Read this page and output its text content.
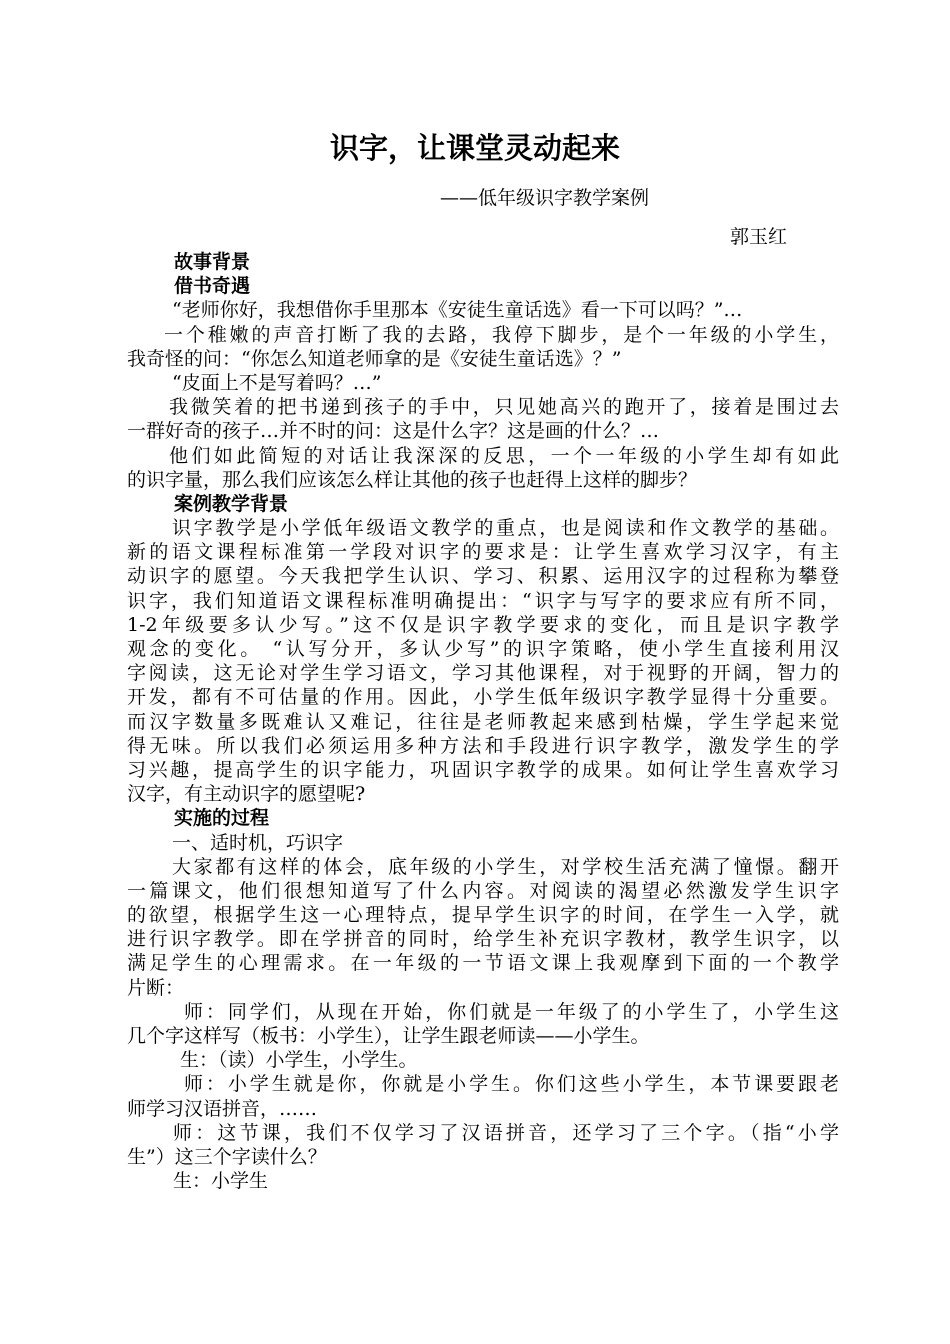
识字，让课堂灵动起来
——低年级识字教学案例
郭玉红
故事背景
借书奇遇
“老师你好，我想借你手里那本《安徒生童话选》看一下可以吗？”…
一个稚嫩的声音打断了我的去路，我停下脚步，是个一年级的小学生，
我奇怪的问：“你怎么知道老师拿的是《安徒生童话选》？”
“皮面上不是写着吗？…”
我微笑着的把书递到孩子的手中，只见她高兴的跑开了，接着是围过去
一群好奇的孩子…并不时的问：这是什么字？这是画的什么？…
他们如此简短的对话让我深深的反思，一个一年级的小学生却有如此
的识字量，那么我们应该怎么样让其他的孩子也赶得上这样的脚步？
案例教学背景
识字教学是小学低年级语文教学的重点，也是阅读和作文教学的基础。
新的语文课程标准第一学段对识字的要求是：让学生喜欢学习汉字，有主
动识字的愿望。今天我把学生认识、学习、积累、运用汉字的过程称为攀登
识字，我们知道语文课程标准明确提出：“识字与写字的要求应有所不同，
1-2年级要多认少写。”这不仅是识字教学要求的变化，而且是识字教学
观念的变化。 “认写分开，多认少写”的识字策略，使小学生直接利用汉
字阅读，这无论对学生学习语文，学习其他课程，对于视野的开阔，智力的
开发，都有不可估量的作用。因此，小学生低年级识字教学显得十分重要。
而汉字数量多既难认又难记，往往是老师教起来感到枯燥，学生学起来觉
得无味。所以我们必须运用多种方法和手段进行识字教学，激发学生的学
习兴趣，提高学生的识字能力，巩固识字教学的成果。如何让学生喜欢学习
汉字，有主动识字的愿望呢?
实施的过程
一、适时机，巧识字
大家都有这样的体会，底年级的小学生，对学校生活充满了憧憬。翻开
一篇课文，他们很想知道写了什么内容。对阅读的渴望必然激发学生识字
的欲望，根据学生这一心理特点，提早学生识字的时间，在学生一入学，就
进行识字教学。即在学拼音的同时，给学生补充识字教材，教学生识字，以
满足学生的心理需求。在一年级的一节语文课上我观摩到下面的一个教学
片断：
师：同学们，从现在开始，你们就是一年级了的小学生了，小学生这
几个字这样写（板书：小学生），让学生跟老师读——小学生。
生：（读）小学生，小学生。
师：小学生就是你，你就是小学生。你们这些小学生，本节课要跟老
师学习汉语拼音，……
师：这节课，我们不仅学习了汉语拼音，还学习了三个字。（指“小学
生”）这三个字读什么？
生：小学生
